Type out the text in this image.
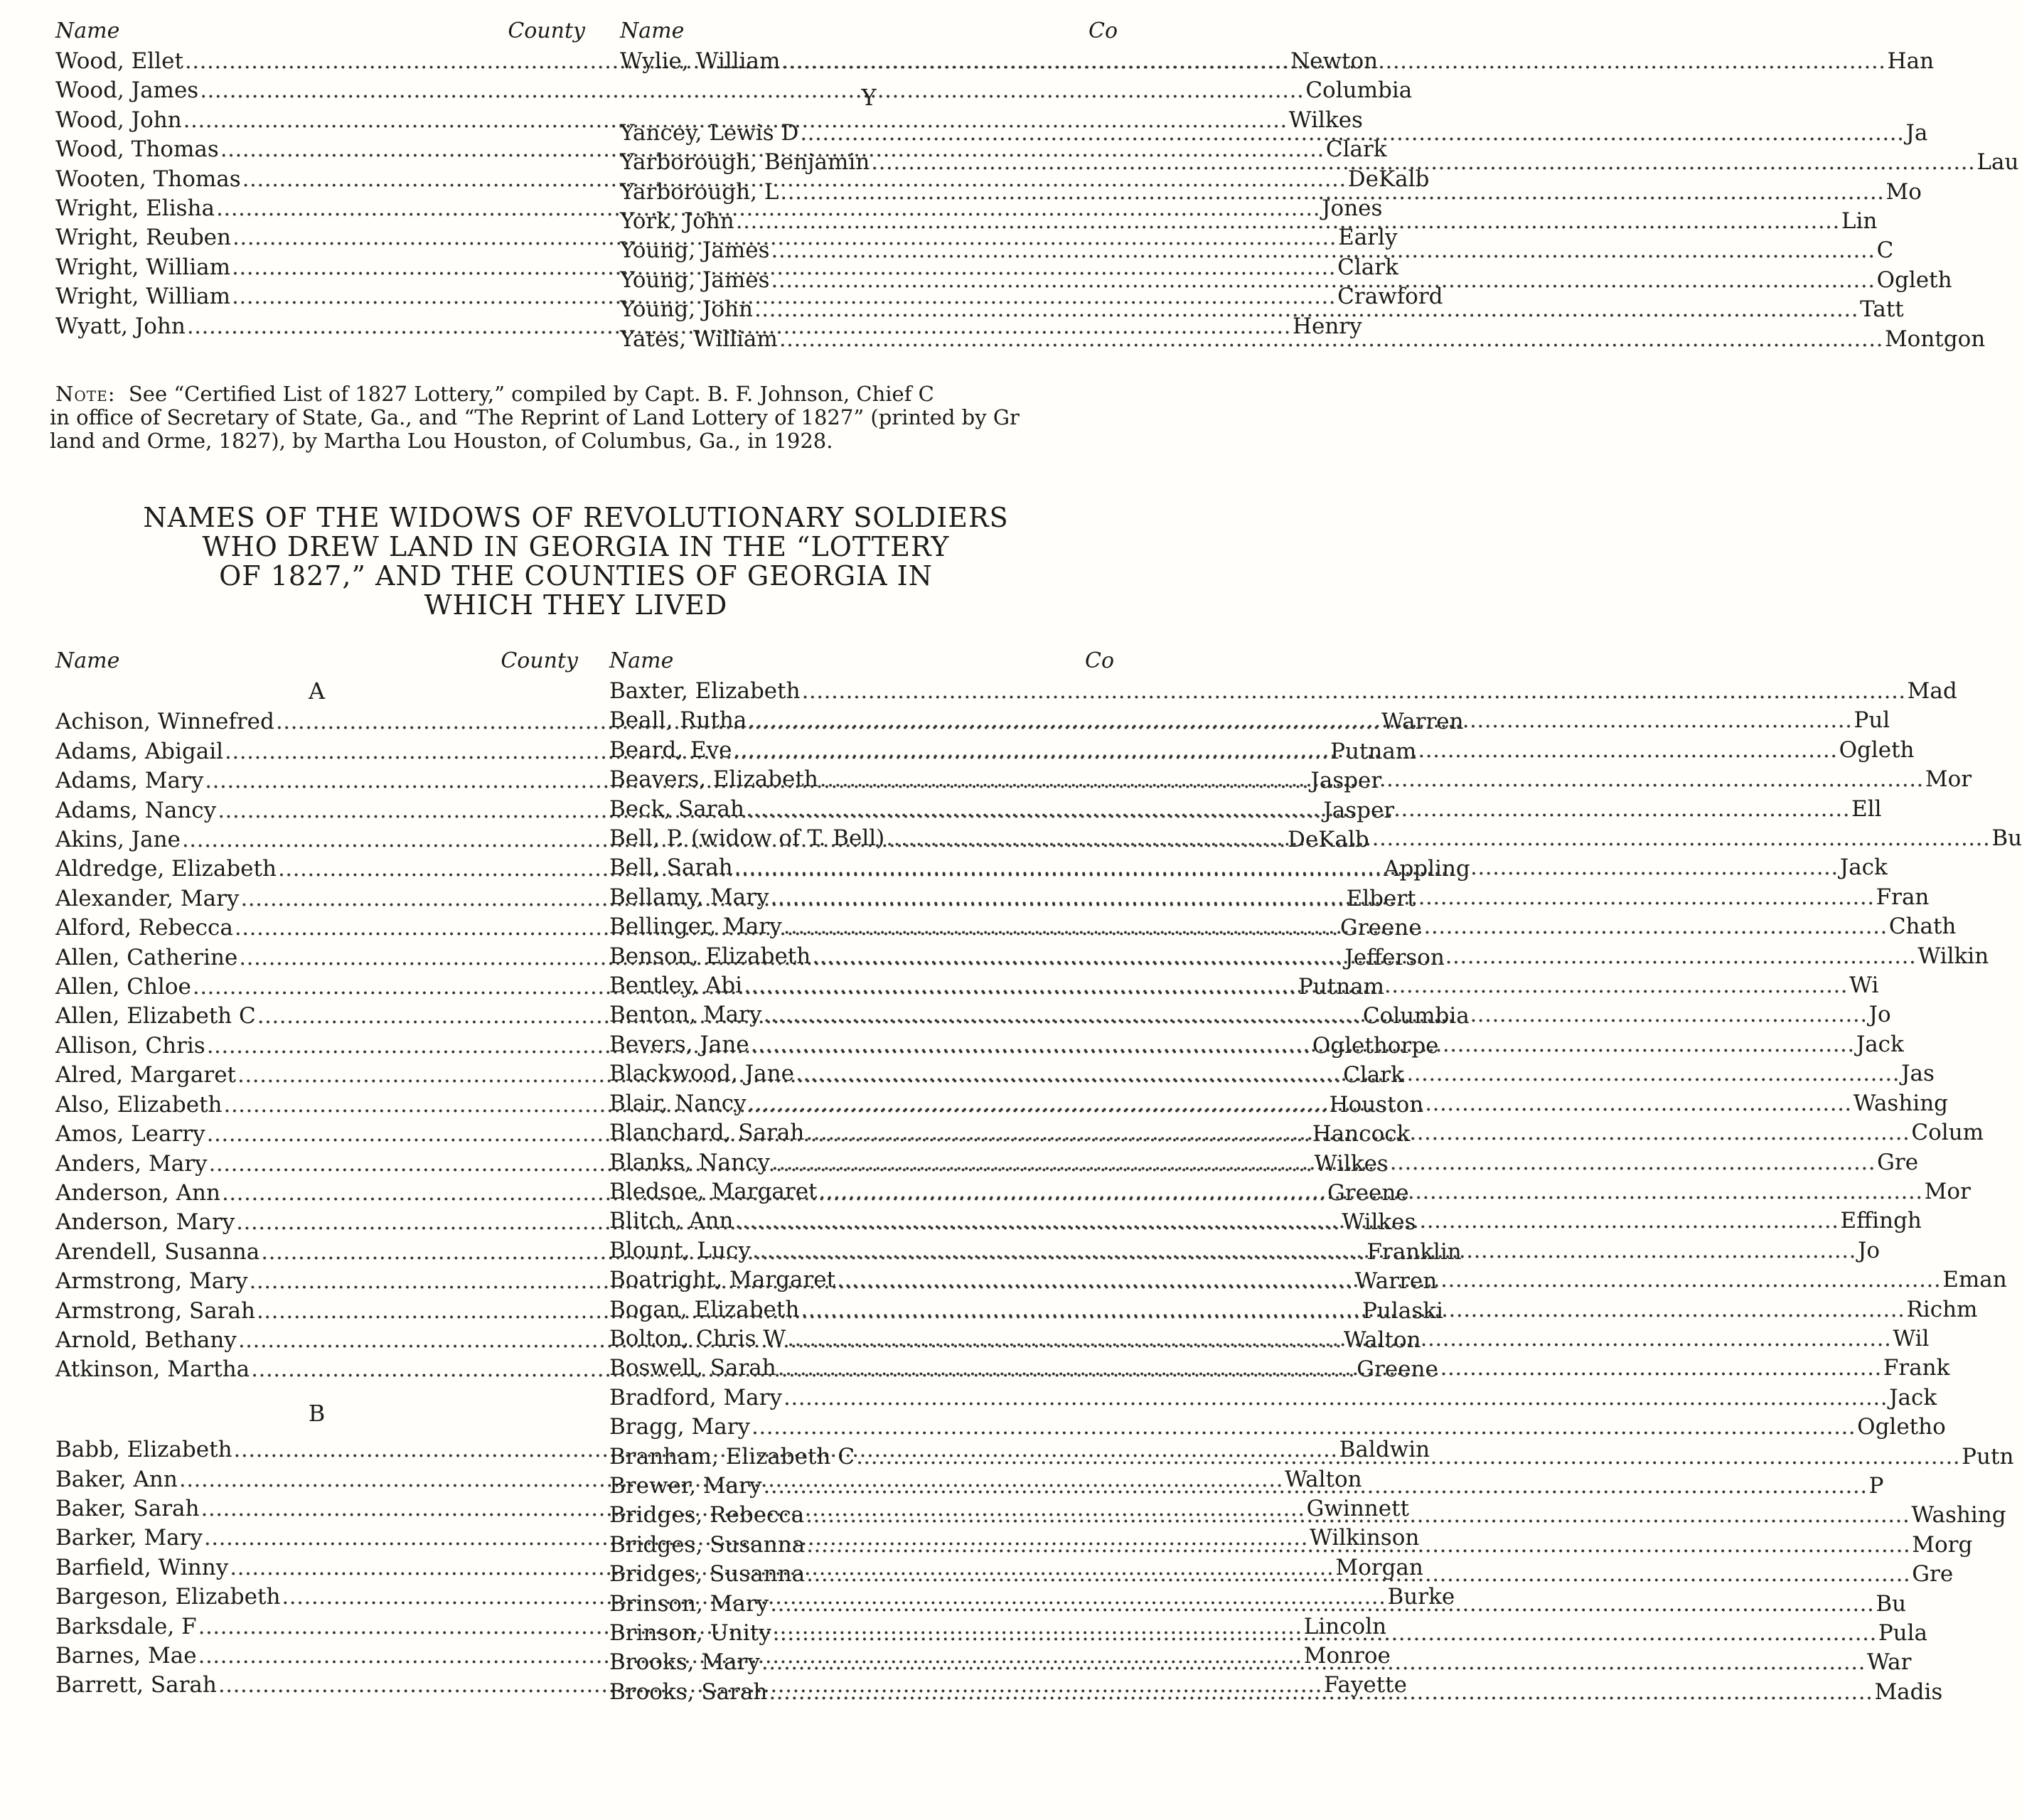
Name	County
Wood, Ellet .....	Newton
Wood, James .....	Columbia
Wood, John .....	Wilkes
Wood, Thomas .....	Clark
Wooten, Thomas .....	DeKalb
Wright, Elisha .....	Jones
Wright, Reuben .....	Early
Wright, William .....	Clark
Wright, William .....	Crawford
Wyatt, John .....	Henry
Name	Co
Wylie, William .....	Han
Y
Yancey, Lewis D .....	Ja
Yarborough, Benjamin .....	Lau
Yarborough, L .....	Mo
York, John .....	Lin
Young, James .....	C
Young, James .....	Ogleth
Young, John .....	Tatt
Yates, William .....	Montgon
Note: See “Certified List of 1827 Lottery,” compiled by Capt. B. F. Johnson, Chief C
in office of Secretary of State, Ga., and “The Reprint of Land Lottery of 1827” (printed by Gr
land and Orme, 1827), by Martha Lou Houston, of Columbus, Ga., in 1928.
NAMES OF THE WIDOWS OF REVOLUTIONARY SOLDIERS
WHO DREW LAND IN GEORGIA IN THE “LOTTERY
OF 1827,” AND THE COUNTIES OF GEORGIA IN
WHICH THEY LIVED
Name	County
A
Achison, Winnefred .....	Warren
Adams, Abigail .....	Putnam
Adams, Mary .....	Jasper
Adams, Nancy .....	Jasper
Akins, Jane .....	DeKalb
Aldredge, Elizabeth .....	Appling
Alexander, Mary .....	Elbert
Alford, Rebecca .....	Greene
Allen, Catherine .....	Jefferson
Allen, Chloe .....	Putnam
Allen, Elizabeth C .....	Columbia
Allison, Chris .....	Oglethorpe
Alred, Margaret .....	Clark
Also, Elizabeth .....	Houston
Amos, Learry .....	Hancock
Anders, Mary .....	Wilkes
Anderson, Ann .....	Greene
Anderson, Mary .....	Wilkes
Arendell, Susanna .....	Franklin
Armstrong, Mary .....	Warren
Armstrong, Sarah .....	Pulaski
Arnold, Bethany .....	Walton
Atkinson, Martha .....	Greene
B
Babb, Elizabeth .....	Baldwin
Baker, Ann .....	Walton
Baker, Sarah .....	Gwinnett
Barker, Mary .....	Wilkinson
Barfield, Winny .....	Morgan
Bargeson, Elizabeth .....	Burke
Barksdale, F .....	Lincoln
Barnes, Mae .....	Monroe
Barrett, Sarah .....	Fayette
Name	Co
Baxter, Elizabeth .....	Mad
Beall, Rutha .....	Pul
Beard, Eve .....	Ogleth
Beavers, Elizabeth .....	Mor
Beck, Sarah .....	Ell
Bell, P. (widow of T. Bell) .....	Bu
Bell, Sarah .....	Jack
Bellamy, Mary .....	Fran
Bellinger, Mary .....	Chath
Benson, Elizabeth .....	Wilkin
Bentley, Abi .....	Wi
Benton, Mary .....	Jo
Bevers, Jane .....	Jack
Blackwood, Jane .....	Jas
Blair, Nancy .....	Washing
Blanchard, Sarah .....	Colum
Blanks, Nancy .....	Gre
Bledsoe, Margaret .....	Mor
Blitch, Ann .....	Effingh
Blount, Lucy .....	Jo
Boatright, Margaret .....	Eman
Bogan, Elizabeth .....	Richm
Bolton, Chris W .....	Wil
Boswell, Sarah .....	Frank
Bradford, Mary .....	Jack
Bragg, Mary .....	Ogletho
Branham, Elizabeth C .....	Putn
Brewer, Mary .....	P
Bridges, Rebecca .....	Washing
Bridges, Susanna .....	Morg
Bridges, Susanna .....	Gre
Brinson, Mary .....	Bu
Brinson, Unity .....	Pula
Brooks, Mary .....	War
Brooks, Sarah .....	Madis
